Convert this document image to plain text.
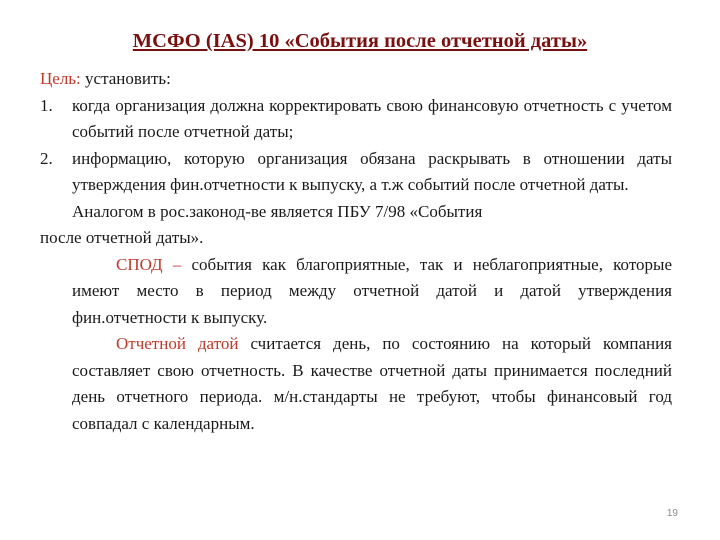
МСФО (IAS) 10 «События после отчетной даты»

Цель: установить:

1.	когда организация должна корректировать свою финансовую отчетность с учетом событий после отчетной даты;
2.	информацию, которую организация обязана раскрывать в отношении даты утверждения фин.отчетности к выпуску, а т.ж событий после отчетной даты.

Аналогом в рос.законод-ве является ПБУ 7/98 «События

после отчетной даты».

СПОД – события как благоприятные, так и неблагоприятные, которые имеют место в период между отчетной датой и датой утверждения фин.отчетности к выпуску.

Отчетной датой считается день, по состоянию на который компания составляет свою отчетность. В качестве отчетной даты принимается последний день отчетного периода. м/н.стандарты не требуют, чтобы финансовый год совпадал с календарным.

19
